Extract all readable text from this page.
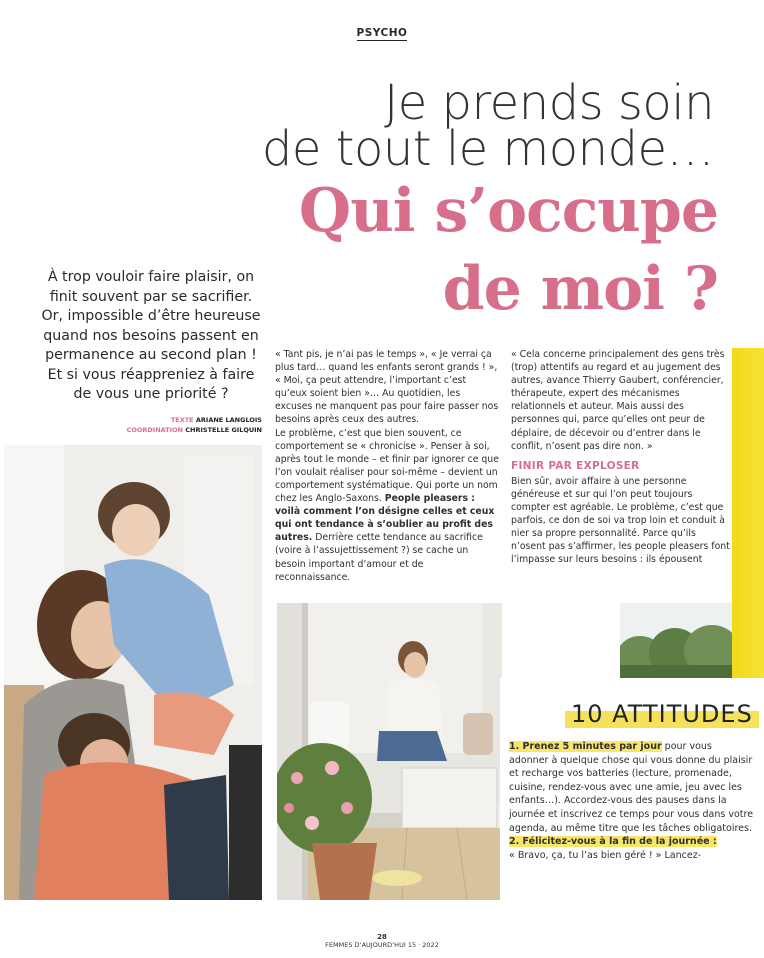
PSYCHO
Je prends soin
de tout le monde…
Qui s’occupe
de moi ?
À trop vouloir faire plaisir, on finit souvent par se sacrifier. Or, impossible d’être heureuse quand nos besoins passent en permanence au second plan ! Et si vous réappreniez à faire de vous une priorité ?
TEXTE ARIANE LANGLOIS
COORDINATION CHRISTELLE GILQUIN

« Tant pis, je n’ai pas le temps », « Je verrai ça plus tard… quand les enfants seront grands ! », « Moi, ça peut attendre, l’important c’est qu’eux soient bien »… Au quotidien, les excuses ne manquent pas pour faire passer nos besoins après ceux des autres.

Le problème, c’est que bien souvent, ce comportement se « chronicise ». Penser à soi, après tout le monde – et finir par ignorer ce que l’on voulait réaliser pour soi-même – devient un comportement systématique. Qui porte un nom chez les Anglo-Saxons. People pleasers : voilà comment l’on désigne celles et ceux qui ont tendance à s’oublier au profit des autres. Derrière cette tendance au sacrifice (voire à l’assujettissement ?) se cache un besoin important d’amour et de reconnaissance.

« Cela concerne principalement des gens très (trop) attentifs au regard et au jugement des autres, avance Thierry Gaubert, conférencier, thérapeute, expert des mécanismes relationnels et auteur. Mais aussi des personnes qui, parce qu’elles ont peur de déplaire, de décevoir ou d’entrer dans le conflit, n’osent pas dire non. »

FINIR PAR EXPLOSER

Bien sûr, avoir affaire à une personne généreuse et sur qui l’on peut toujours compter est agréable. Le problème, c’est que parfois, ce don de soi va trop loin et conduit à nier sa propre personnalité. Parce qu’ils n’osent pas s’affirmer, les people pleasers font l’impasse sur leurs besoins : ils épousent

10 ATTITUDES
1. Prenez 5 minutes par jour pour vous adonner à quelque chose qui vous donne du plaisir et recharge vos batteries (lecture, promenade, cuisine, rendez-vous avec une amie, jeu avec les enfants…). Accordez-vous des pauses dans la journée et inscrivez ce temps pour vous dans votre agenda, au même titre que les tâches obligatoires.
2. Félicitez-vous à la fin de la journée :
« Bravo, ça, tu l’as bien géré ! » Lancez-
28
FEMMES D’AUJOURD’HUI 15 · 2022
